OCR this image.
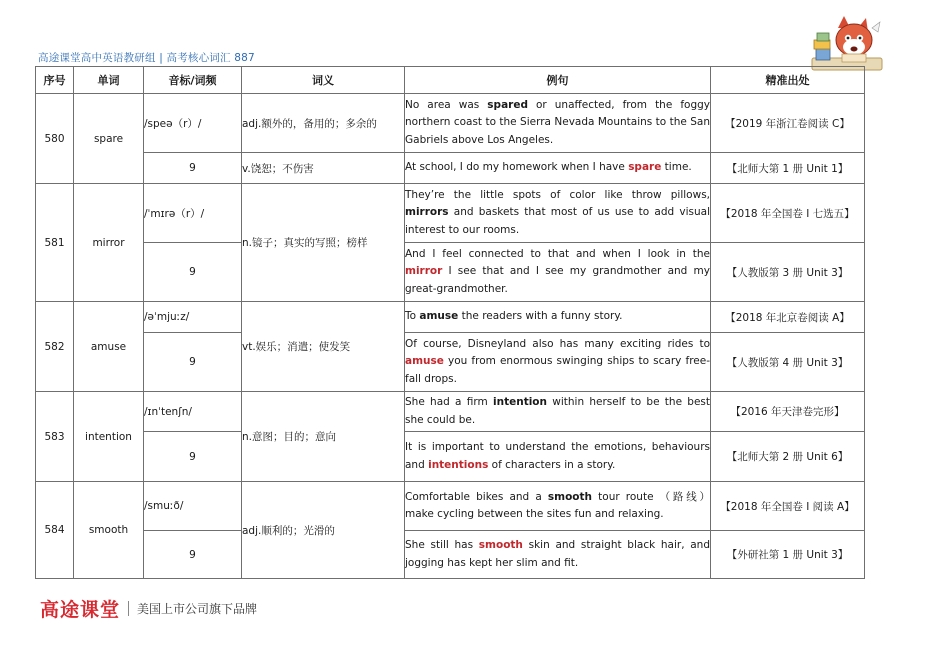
高途课堂高中英语教研组 | 高考核心词汇 887
序号	单词	音标/词频	词义	例句	精准出处
580	spare	/speə（r）/	adj.额外的，备用的；多余的	No area was spared or unaffected, from the foggy northern coast to the Sierra Nevada Mountains to the San Gabriels above Los Angeles.	【2019 年浙江卷阅读 C】
		9	v.饶恕；不伤害	At school, I do my homework when I have spare time.	【北师大第 1 册 Unit 1】
581	mirror	/ˈmɪrə（r）/	n.镜子；真实的写照；榜样	They’re the little spots of color like throw pillows, mirrors and baskets that most of us use to add visual interest to our rooms.	【2018 年全国卷 I 七选五】
		9		And I feel connected to that and when I look in the mirror I see that and I see my grandmother and my great-grandmother.	【人教版第 3 册 Unit 3】
582	amuse	/əˈmjuːz/	vt.娱乐；消遣；使发笑	To amuse the readers with a funny story.	【2018 年北京卷阅读 A】
		9		Of course, Disneyland also has many exciting rides to amuse you from enormous swinging ships to scary free-fall drops.	【人教版第 4 册 Unit 3】
583	intention	/ɪnˈtenʃn/	n.意图；目的；意向	She had a firm intention within herself to be the best she could be.	【2016 年天津卷完形】
		9		It is important to understand the emotions, behaviours and intentions of characters in a story.	【北师大第 2 册 Unit 6】
584	smooth	/smuːð/	adj.顺利的；光滑的	Comfortable bikes and a smooth tour route （路线）make cycling between the sites fun and relaxing.	【2018 年全国卷 I 阅读 A】
		9		She still has smooth skin and straight black hair, and jogging has kept her slim and fit.	【外研社第 1 册 Unit 3】
高途课堂 美国上市公司旗下品牌
